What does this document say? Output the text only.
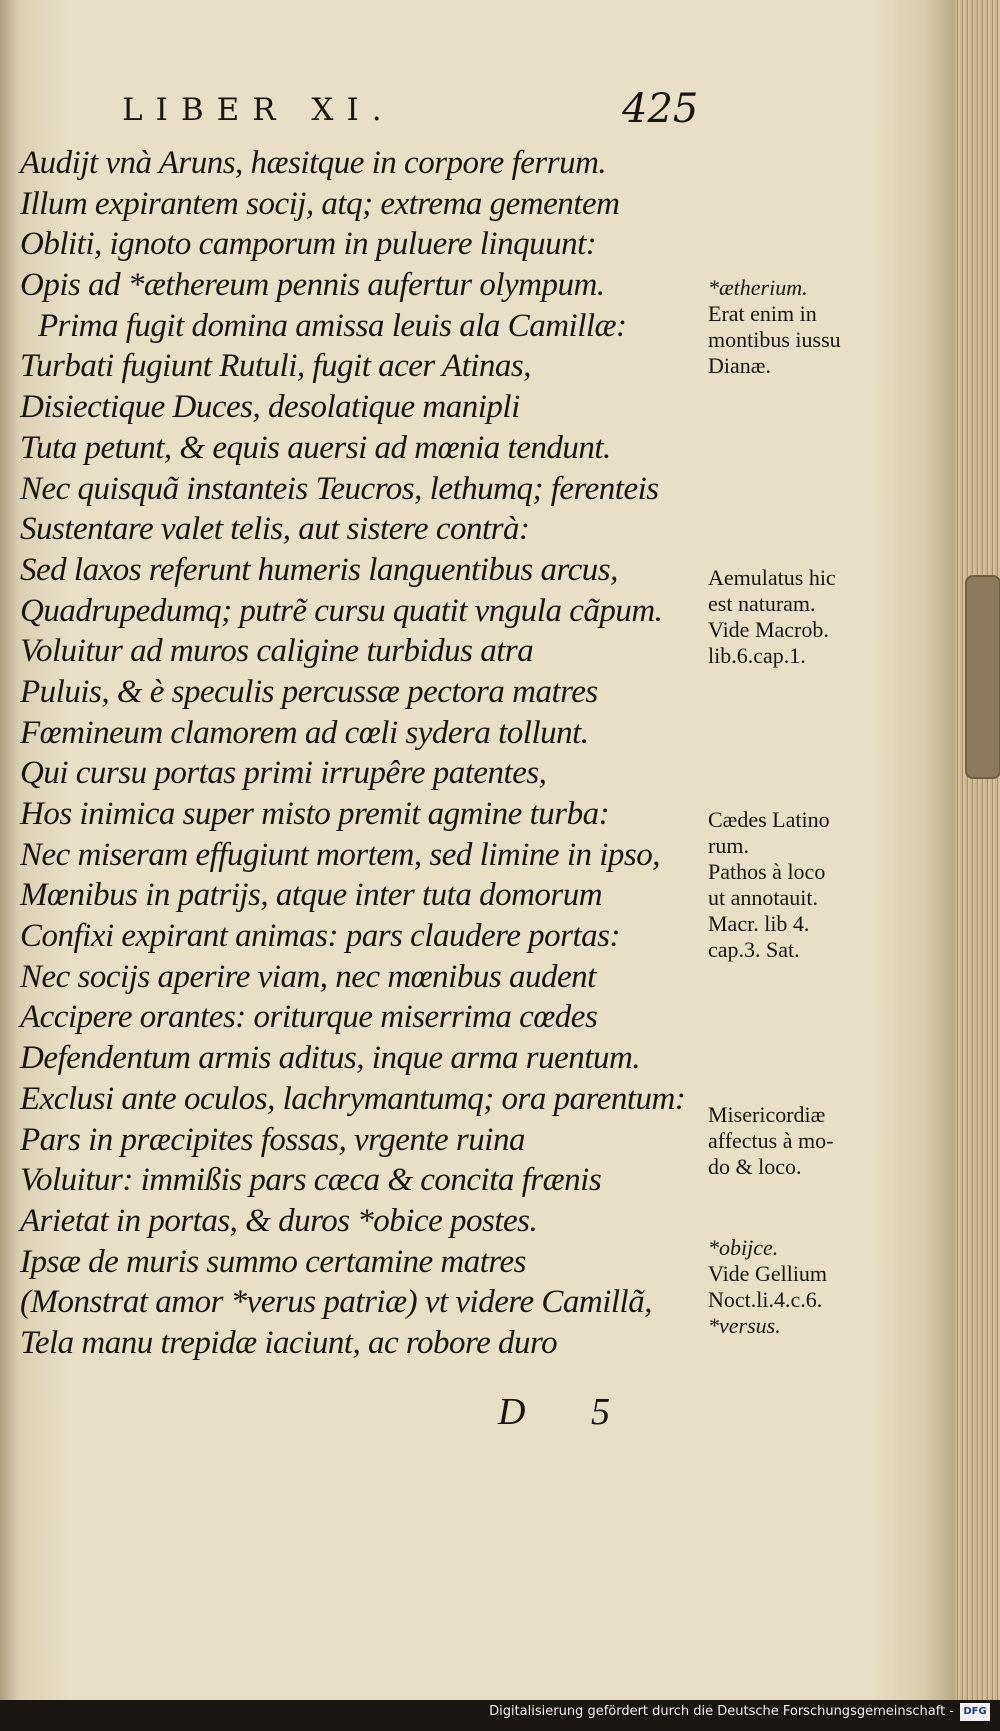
LIBER XI.	425
Audijt vnà Aruns, hæsitque in corpore ferrum.
Illum expirantem socij, atq; extrema gementem
Obliti, ignoto camporum in puluere linquunt:
Opis ad *æthereum pennis aufertur olympum.
Prima fugit domina amissa leuis ala Camillæ:
Turbati fugiunt Rutuli, fugit acer Atinas,
Disiectique Duces, desolatique manipli
Tuta petunt, & equis auersi ad mœnia tendunt.
Nec quisquã instanteis Teucros, lethumq; ferenteis
Sustentare valet telis, aut sistere contrà:
Sed laxos referunt humeris languentibus arcus,
Quadrupedumq; putrẽ cursu quatit vngula cãpum.
Voluitur ad muros caligine turbidus atra
Puluis, & è speculis percussæ pectora matres
Fœmineum clamorem ad cœli sydera tollunt.
Qui cursu portas primi irrupêre patentes,
Hos inimica super misto premit agmine turba:
Nec miseram effugiunt mortem, sed limine in ipso,
Mœnibus in patrijs, atque inter tuta domorum
Confixi expirant animas: pars claudere portas:
Nec socijs aperire viam, nec mœnibus audent
Accipere orantes: oriturque miserrima cœdes
Defendentum armis aditus, inque arma ruentum.
Exclusi ante oculos, lachrymantumq; ora parentum:
Pars in præcipites fossas, vrgente ruina
Voluitur: immißis pars cæca & concita frænis
Arietat in portas, & duros *obice postes.
Ipsæ de muris summo certamine matres
(Monstrat amor *verus patriæ) vt videre Camillã,
Tela manu trepidæ iaciunt, ac robore duro
*ætherium.
Erat enim in
montibus iussu
Dianæ.
Aemulatus hic
est naturam.
Vide Macrob.
lib.6.cap.1.
Cædes Latino
rum.
Pathos à loco
ut annotauit.
Macr. lib 4.
cap.3. Sat.
Misericordiæ
affectus à mo-
do & loco.
*obijce.
Vide Gellium
Noct.li.4.c.6.
*versus.
D 5
Digitalisierung gefördert durch die Deutsche Forschungsgemeinschaft - DFG
